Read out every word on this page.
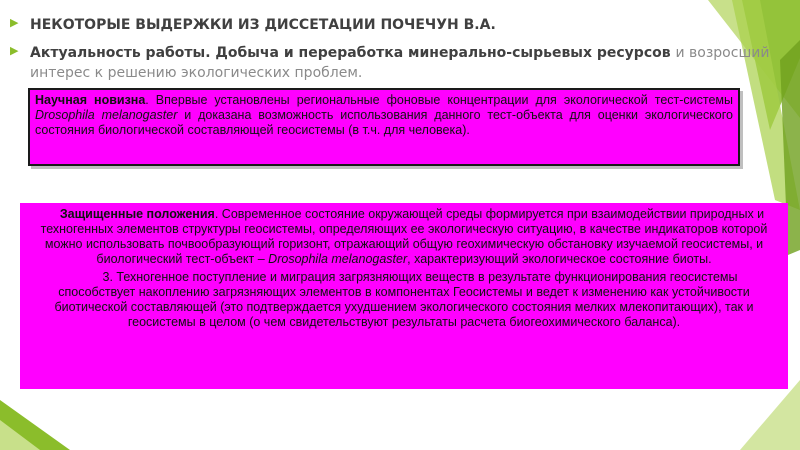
▶ НЕКОТОРЫЕ ВЫДЕРЖКИ ИЗ ДИССЕТАЦИИ ПОЧЕЧУН В.А.
▶ Актуальность работы. Добыча и переработка минерально-сырьевых ресурсов и возросший интерес к решению экологических проблем.
Научная новизна. Впервые установлены региональные фоновые концентрации для экологической тест-системы Drosophila melanogaster и доказана возможность использования данного тест-объекта для оценки экологического состояния биологической составляющей геосистемы (в т.ч. для человека).

Защищенные положения. Современное состояние окружающей среды формируется при взаимодействии природных и техногенных элементов структуры геосистемы, определяющих ее экологическую ситуацию, в качестве индикаторов которой можно использовать почвообразующий горизонт, отражающий общую геохимическую обстановку изучаемой геосистемы, и биологический тест-объект – Drosophila melanogaster, характеризующий экологическое состояние биоты.

3. Техногенное поступление и миграция загрязняющих веществ в результате функционирования геосистемы способствует накоплению загрязняющих элементов в компонентах Геосистемы и ведет к изменению как устойчивости биотической составляющей (это подтверждается ухудшением экологического состояния мелких млекопитающих), так и геосистемы в целом (о чем свидетельствуют результаты расчета биогеохимического баланса).
